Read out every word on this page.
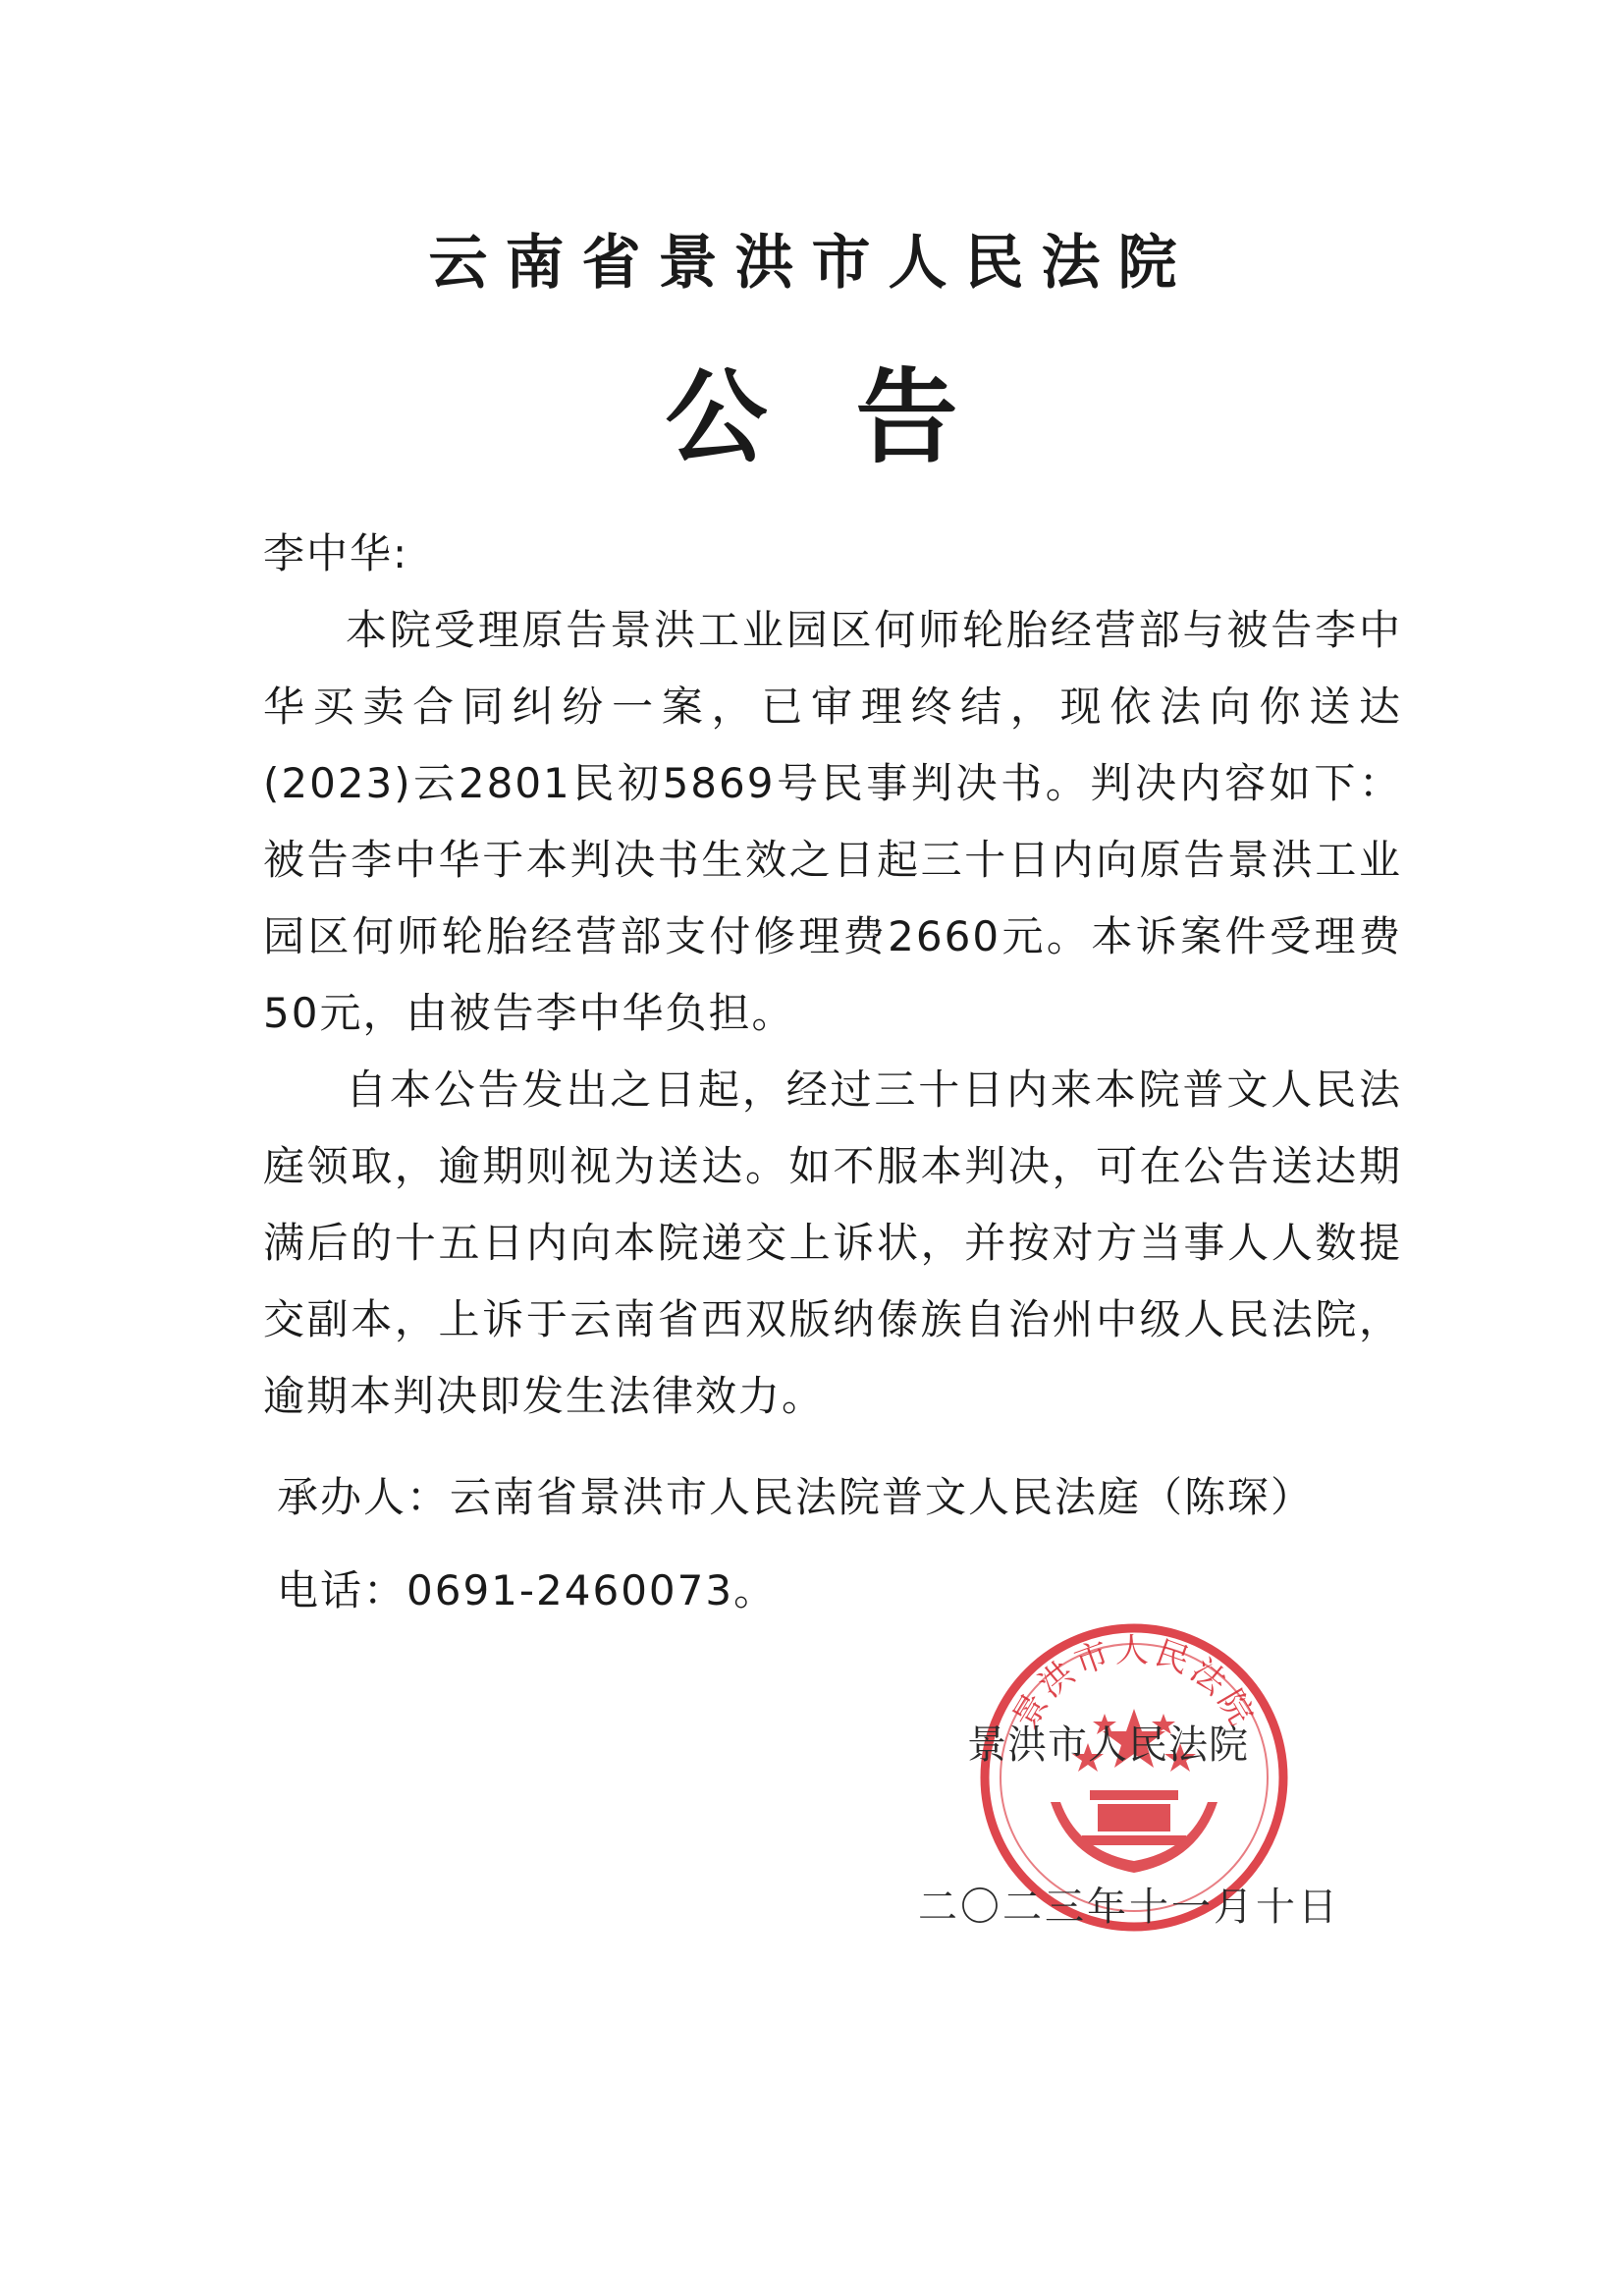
云南省景洪市人民法院
公告

李中华:

本院受理原告景洪工业园区何师轮胎经营部与被告李中华买卖合同纠纷一案，已审理终结，现依法向你送达(2023)云2801民初5869号民事判决书。判决内容如下：被告李中华于本判决书生效之日起三十日内向原告景洪工业园区何师轮胎经营部支付修理费2660元。本诉案件受理费50元，由被告李中华负担。

自本公告发出之日起，经过三十日内来本院普文人民法庭领取，逾期则视为送达。如不服本判决，可在公告送达期满后的十五日内向本院递交上诉状，并按对方当事人人数提交副本，上诉于云南省西双版纳傣族自治州中级人民法院，逾期本判决即发生法律效力。

承办人：云南省景洪市人民法院普文人民法庭（陈琛）
电话：0691-2460073。
景洪市人民法院
景洪市人民法院
二〇二三年十一月十日
